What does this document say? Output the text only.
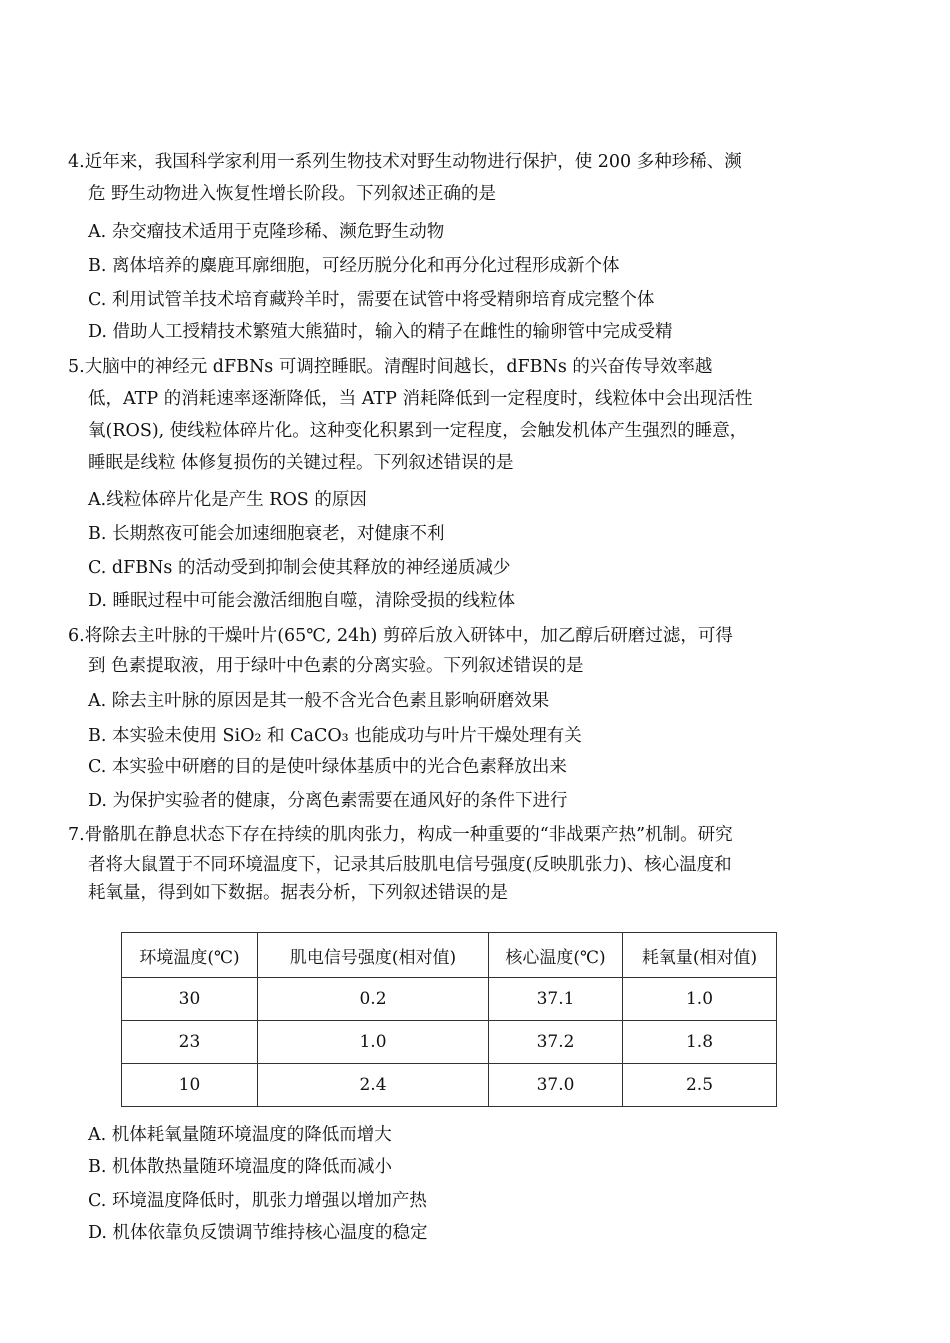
4.近年来，我国科学家利用一系列生物技术对野生动物进行保护，使 200 多种珍稀、濒
危 野生动物进入恢复性增长阶段。下列叙述正确的是
A. 杂交瘤技术适用于克隆珍稀、濒危野生动物
B. 离体培养的麋鹿耳廓细胞，可经历脱分化和再分化过程形成新个体
C. 利用试管羊技术培育藏羚羊时，需要在试管中将受精卵培育成完整个体
D. 借助人工授精技术繁殖大熊猫时，输入的精子在雌性的输卵管中完成受精
5.大脑中的神经元 dFBNs 可调控睡眠。清醒时间越长，dFBNs 的兴奋传导效率越
低，ATP 的消耗速率逐渐降低，当 ATP 消耗降低到一定程度时，线粒体中会出现活性
氧(ROS), 使线粒体碎片化。这种变化积累到一定程度，会触发机体产生强烈的睡意，
睡眠是线粒 体修复损伤的关键过程。下列叙述错误的是
A.线粒体碎片化是产生 ROS 的原因
B. 长期熬夜可能会加速细胞衰老，对健康不利
C. dFBNs 的活动受到抑制会使其释放的神经递质减少
D. 睡眠过程中可能会激活细胞自噬，清除受损的线粒体
6.将除去主叶脉的干燥叶片(65℃, 24h) 剪碎后放入研钵中，加乙醇后研磨过滤，可得
到 色素提取液，用于绿叶中色素的分离实验。下列叙述错误的是
A. 除去主叶脉的原因是其一般不含光合色素且影响研磨效果
B. 本实验未使用 SiO₂ 和 CaCO₃ 也能成功与叶片干燥处理有关
C. 本实验中研磨的目的是使叶绿体基质中的光合色素释放出来
D. 为保护实验者的健康，分离色素需要在通风好的条件下进行
7.骨骼肌在静息状态下存在持续的肌肉张力，构成一种重要的“非战栗产热”机制。研究
者将大鼠置于不同环境温度下，记录其后肢肌电信号强度(反映肌张力)、核心温度和
耗氧量，得到如下数据。据表分析，下列叙述错误的是
环境温度(℃)	肌电信号强度(相对值)	核心温度(℃)	耗氧量(相对值)
30	0.2	37.1	1.0
23	1.0	37.2	1.8
10	2.4	37.0	2.5
A. 机体耗氧量随环境温度的降低而增大
B. 机体散热量随环境温度的降低而减小
C. 环境温度降低时，肌张力增强以增加产热
D. 机体依靠负反馈调节维持核心温度的稳定
